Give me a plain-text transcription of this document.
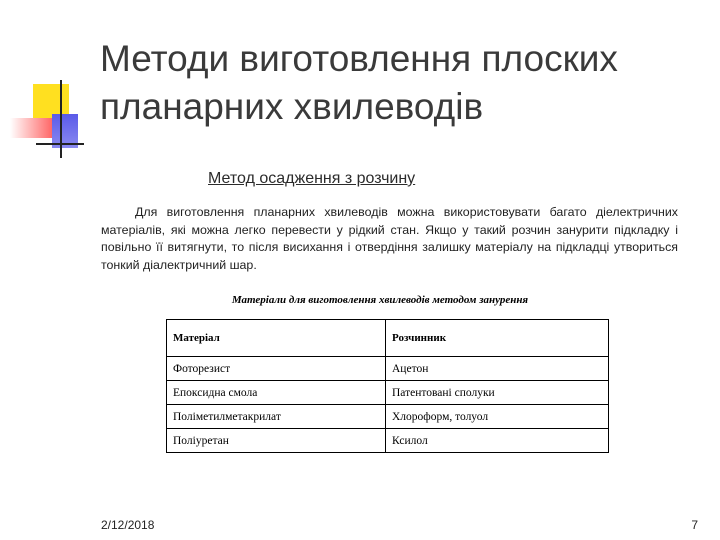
Методи виготовлення плоских
планарних хвилеводів
Метод осадження з розчину
Для виготовлення планарних хвилеводів можна використовувати багато діелектричних матеріалів, які можна легко перевести у рідкий стан. Якщо у такий розчин занурити підкладку і повільно її витягнути, то після висихання і отвердіння залишку матеріалу на підкладці утвориться тонкий діалектричний шар.
Матеріали для виготовлення хвилеводів методом занурення
Матеріал	Розчинник
Фоторезист	Ацетон
Епоксидна смола	Патентовані сполуки
Поліметилметакрилат	Хлороформ, толуол
Поліуретан	Ксилол
2/12/2018	7
